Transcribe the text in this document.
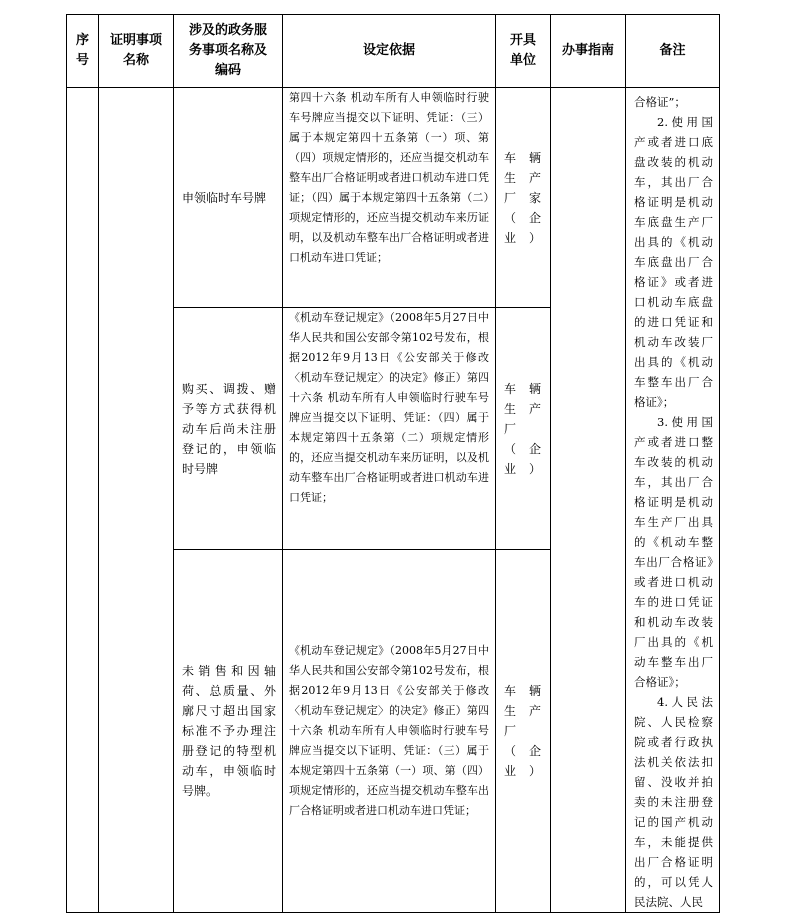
序
号	证明事项
名称	涉及的政务服
务事项名称及
编码	设定依据	开具
单位	办事指南	备注
		申领临时车号牌	第四十六条 机动车所有人申领临时行驶车号牌应当提交以下证明、凭证：（三）属于本规定第四十五条第（一）项、第（四）项规定情形的，还应当提交机动车整车出厂合格证明或者进口机动车进口凭证；（四）属于本规定第四十五条第（二）项规定情形的，还应当提交机动车来历证明，以及机动车整车出厂合格证明或者进口机动车进口凭证；	车辆生产厂家（企业）		合格证”；

2.使用国产或者进口底盘改装的机动车，其出厂合格证明是机动车底盘生产厂出具的《机动车底盘出厂合格证》或者进口机动车底盘的进口凭证和机动车改装厂出具的《机动车整车出厂合格证》；

3.使用国产或者进口整车改装的机动车，其出厂合格证明是机动车生产厂出具的《机动车整车出厂合格证》或者进口机动车的进口凭证和机动车改装厂出具的《机动车整车出厂合格证》；

4.人民法院、人民检察院或者行政执法机关依法扣留、没收并拍卖的未注册登记的国产机动车，未能提供出厂合格证明的，可以凭人民法院、人民

		购买、调拨、赠予等方式获得机动车后尚未注册登记的，申领临时号牌	《机动车登记规定》（2008年5月27日中华人民共和国公安部令第102号发布，根据2012年9月13日《公安部关于修改〈机动车登记规定〉的决定》修正）第四十六条 机动车所有人申领临时行驶车号牌应当提交以下证明、凭证：（四）属于本规定第四十五条第（二）项规定情形的，还应当提交机动车来历证明，以及机动车整车出厂合格证明或者进口机动车进口凭证；	车辆生产厂（企业）		
		未销售和因轴荷、总质量、外廓尺寸超出国家标准不予办理注册登记的特型机动车，申领临时号牌。	《机动车登记规定》（2008年5月27日中华人民共和国公安部令第102号发布，根据2012年9月13日《公安部关于修改〈机动车登记规定〉的决定》修正）第四十六条 机动车所有人申领临时行驶车号牌应当提交以下证明、凭证：（三）属于本规定第四十五条第（一）项、第（四）项规定情形的，还应当提交机动车整车出厂合格证明或者进口机动车进口凭证；	车辆生产厂（企业）		
